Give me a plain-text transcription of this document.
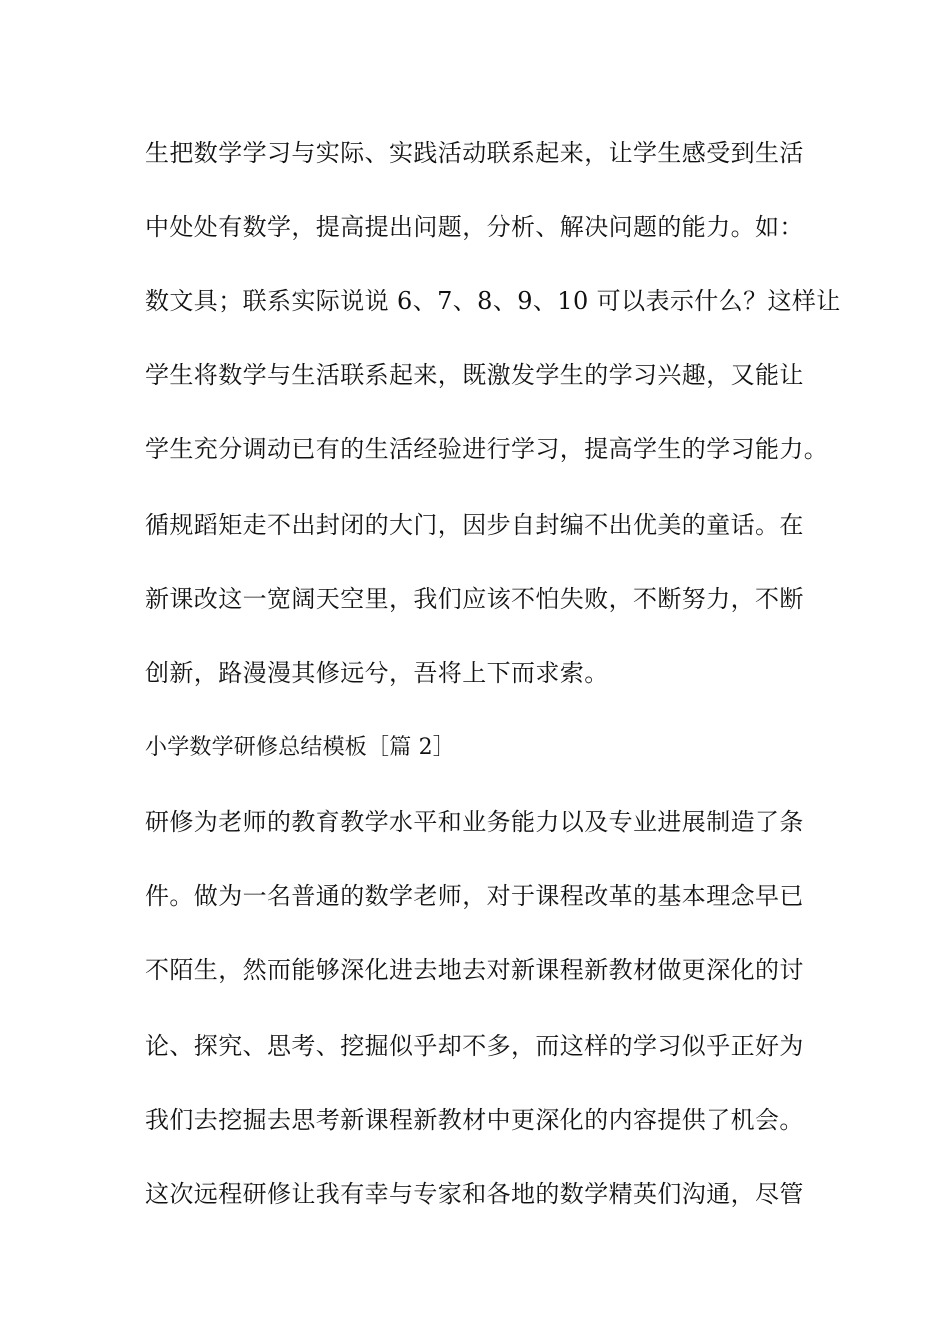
生把数学学习与实际、实践活动联系起来，让学生感受到生活
中处处有数学，提高提出问题，分析、解决问题的能力。如：
数文具；联系实际说说 6、7、8、9、10 可以表示什么？这样让
学生将数学与生活联系起来，既激发学生的学习兴趣，又能让
学生充分调动已有的生活经验进行学习，提高学生的学习能力。
循规蹈矩走不出封闭的大门，因步自封编不出优美的童话。在
新课改这一宽阔天空里，我们应该不怕失败，不断努力，不断
创新，路漫漫其修远兮，吾将上下而求索。
小学数学研修总结模板［篇 2］
研修为老师的教育教学水平和业务能力以及专业进展制造了条
件。做为一名普通的数学老师，对于课程改革的基本理念早已
不陌生，然而能够深化进去地去对新课程新教材做更深化的讨
论、探究、思考、挖掘似乎却不多，而这样的学习似乎正好为
我们去挖掘去思考新课程新教材中更深化的内容提供了机会。
这次远程研修让我有幸与专家和各地的数学精英们沟通，尽管
